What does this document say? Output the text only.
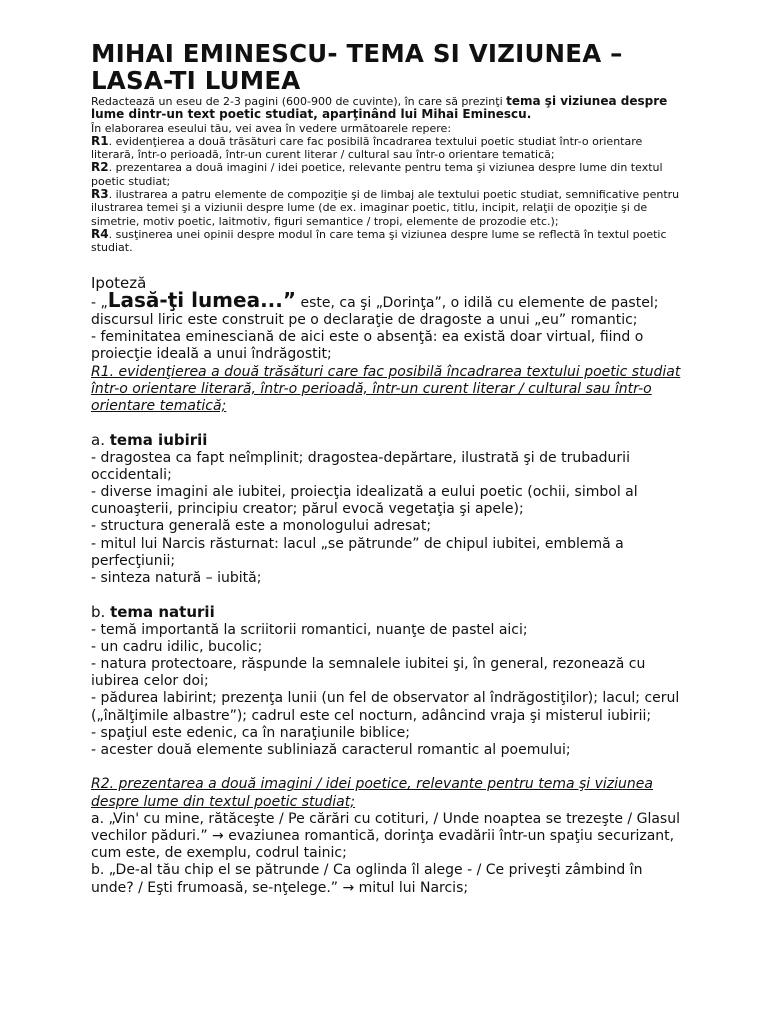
MIHAI EMINESCU- TEMA SI VIZIUNEA – LASA-TI LUMEA

Redactează un eseu de 2-3 pagini (600-900 de cuvinte), în care să prezinţi tema şi viziunea despre lume dintr-un text poetic studiat, aparţinând lui Mihai Eminescu.

În elaborarea eseului tău, vei avea în vedere următoarele repere:

R1. evidenţierea a două trăsături care fac posibilă încadrarea textului poetic studiat într-o orientare literară, într-o perioadă, într-un curent literar / cultural sau într-o orientare tematică;

R2. prezentarea a două imagini / idei poetice, relevante pentru tema şi viziunea despre lume din textul poetic studiat;

R3. ilustrarea a patru elemente de compoziţie şi de limbaj ale textului poetic studiat, semnificative pentru ilustrarea temei şi a viziunii despre lume (de ex. imaginar poetic, titlu, incipit, relaţii de opoziţie şi de simetrie, motiv poetic, laitmotiv, figuri semantice / tropi, elemente de prozodie etc.);

R4. susţinerea unei opinii despre modul în care tema şi viziunea despre lume se reflectă în textul poetic studiat.

Ipoteză

- „Lasă-ţi lumea...” este, ca şi „Dorinţa”, o idilă cu elemente de pastel; discursul liric este construit pe o declaraţie de dragoste a unui „eu” romantic;

- feminitatea eminesciană de aici este o absenţă: ea există doar virtual, fiind o proiecţie ideală a unui îndrăgostit;

R1. evidenţierea a două trăsături care fac posibilă încadrarea textului poetic studiat într-o orientare literară, într-o perioadă, într-un curent literar / cultural sau într-o orientare tematică;

a. tema iubirii

- dragostea ca fapt neîmplinit; dragostea-depărtare, ilustrată şi de trubadurii occidentali;

- diverse imagini ale iubitei, proiecţia idealizată a eului poetic (ochii, simbol al cunoaşterii, principiu creator; părul evocă vegetaţia şi apele);

- structura generală este a monologului adresat;

- mitul lui Narcis răsturnat: lacul „se pătrunde” de chipul iubitei, emblemă a perfecţiunii;

- sinteza natură – iubită;

b. tema naturii

- temă importantă la scriitorii romantici, nuanţe de pastel aici;

- un cadru idilic, bucolic;

- natura protectoare, răspunde la semnalele iubitei şi, în general, rezonează cu iubirea celor doi;

- pădurea labirint; prezenţa lunii (un fel de observator al îndrăgostiţilor); lacul; cerul („înălţimile albastre”); cadrul este cel nocturn, adâncind vraja şi misterul iubirii;

- spaţiul este edenic, ca în naraţiunile biblice;

- acester două elemente subliniază caracterul romantic al poemului;

R2. prezentarea a două imagini / idei poetice, relevante pentru tema şi viziunea despre lume din textul poetic studiat;

a. „Vin' cu mine, rătăceşte / Pe cărări cu cotituri, / Unde noaptea se trezeşte / Glasul vechilor păduri.” → evaziunea romantică, dorinţa evadării într-un spaţiu securizant, cum este, de exemplu, codrul tainic;

b. „De-al tău chip el se pătrunde / Ca oglinda îl alege - / Ce priveşti zâmbind în unde? / Eşti frumoasă, se-nţelege.” → mitul lui Narcis;
